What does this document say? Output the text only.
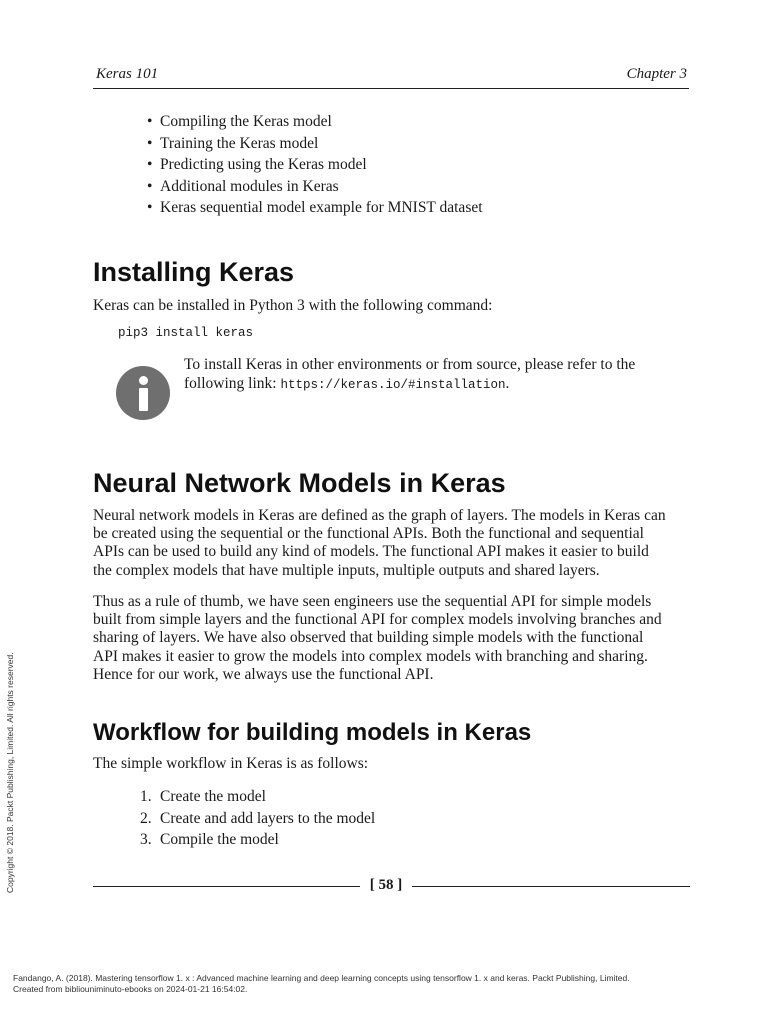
Keras 101	Chapter 3
• Compiling the Keras model
• Training the Keras model
• Predicting using the Keras model
• Additional modules in Keras
• Keras sequential model example for MNIST dataset
Installing Keras

Keras can be installed in Python 3 with the following command:

pip3 install keras
To install Keras in other environments or from source, please refer to the following link: https://keras.io/#installation.
Neural Network Models in Keras

Neural network models in Keras are defined as the graph of layers. The models in Keras can
be created using the sequential or the functional APIs. Both the functional and sequential
APIs can be used to build any kind of models. The functional API makes it easier to build
the complex models that have multiple inputs, multiple outputs and shared layers.

Thus as a rule of thumb, we have seen engineers use the sequential API for simple models
built from simple layers and the functional API for complex models involving branches and
sharing of layers. We have also observed that building simple models with the functional
API makes it easier to grow the models into complex models with branching and sharing.
Hence for our work, we always use the functional API.

Workflow for building models in Keras

The simple workflow in Keras is as follows:

1. Create the model
2. Create and add layers to the model
3. Compile the model
[ 58 ]
Copyright © 2018. Packt Publishing, Limited. All rights reserved.
Fandango, A. (2018). Mastering tensorflow 1. x : Advanced machine learning and deep learning concepts using tensorflow 1. x and keras. Packt Publishing, Limited.
Created from bibliouniminuto-ebooks on 2024-01-21 16:54:02.
